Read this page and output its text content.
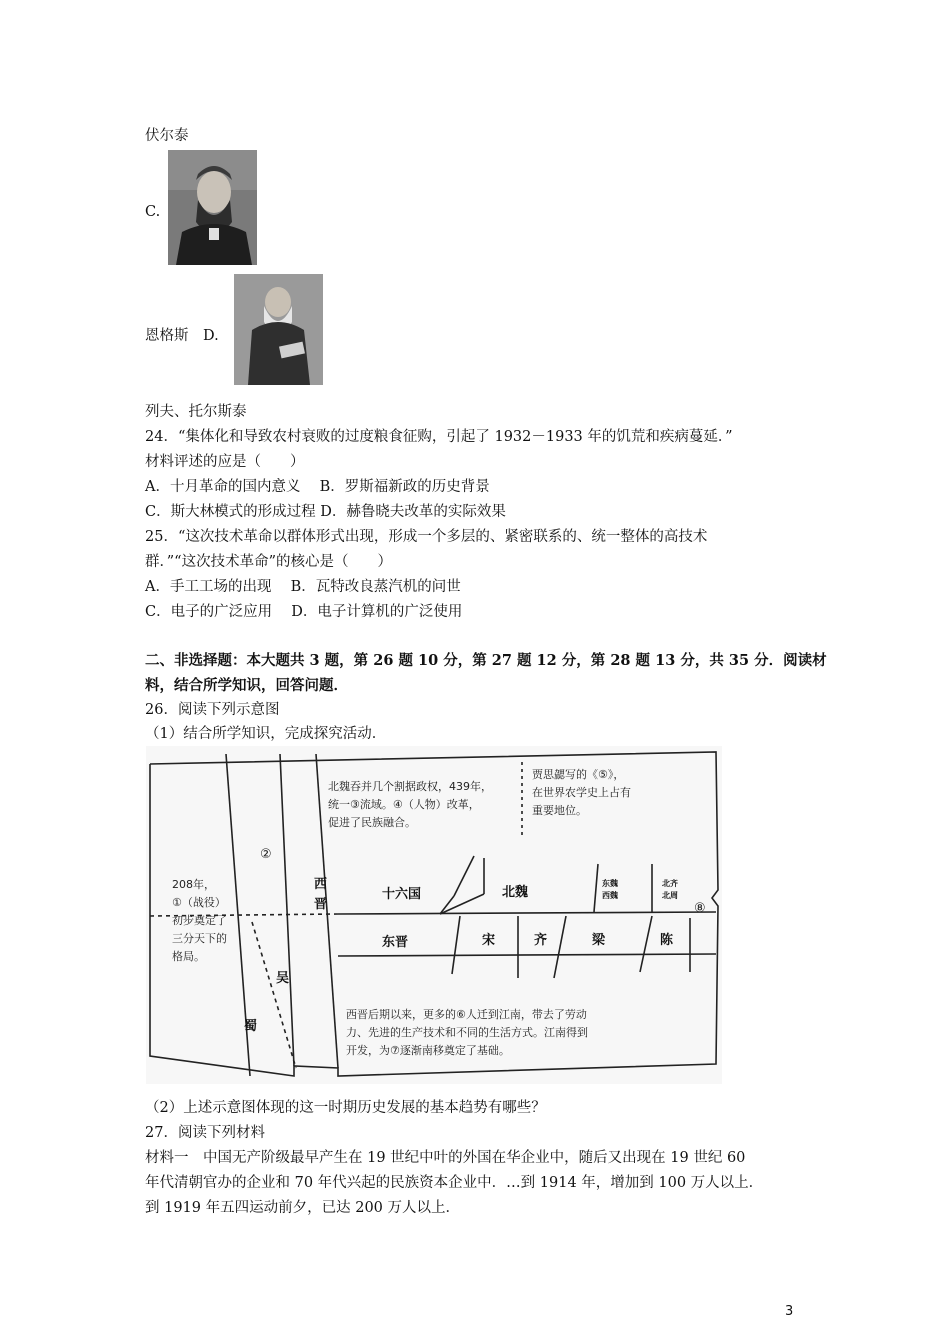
伏尔泰
C.
恩格斯　D.
列夫、托尔斯泰
24．“集体化和导致农村衰败的过度粮食征购，引起了 1932－1933 年的饥荒和疾病蔓延．”
材料评述的应是（　　）
A．十月革命的国内意义　 B．罗斯福新政的历史背景
C．斯大林模式的形成过程 D．赫鲁晓夫改革的实际效果
25．“这次技术革命以群体形式出现，形成一个多层的、紧密联系的、统一整体的高技术
群．”“这次技术革命”的核心是（　　）
A．手工工场的出现　 B．瓦特改良蒸汽机的问世
C．电子的广泛应用　 D．电子计算机的广泛使用
二、非选择题：本大题共 3 题，第 26 题 10 分，第 27 题 12 分，第 28 题 13 分，共 35 分．阅读材
料，结合所学知识，回答问题．
26．阅读下列示意图
（1）结合所学知识，完成探究活动．
北魏吞并几个割据政权，439年，
统一③流域。④（人物）改革，
促进了民族融合。
贾思勰写的《⑤》，
在世界农学史上占有
重要地位。
208年，
①（战役）
初步奠定了
三分天下的
格局。
西晋后期以来，更多的⑥人迁到江南，带去了劳动
力、先进的生产技术和不同的生活方式。江南得到
开发，为⑦逐渐南移奠定了基础。
②
⑧
西
晋
十六国	北魏
东晋	宋	齐	梁	陈
吴
蜀
东魏
西魏
北齐
北周
（2）上述示意图体现的这一时期历史发展的基本趋势有哪些？
27．阅读下列材料
材料一　中国无产阶级最早产生在 19 世纪中叶的外国在华企业中，随后又出现在 19 世纪 60
年代清朝官办的企业和 70 年代兴起的民族资本企业中．…到 1914 年，增加到 100 万人以上．
到 1919 年五四运动前夕，已达 200 万人以上．
3
